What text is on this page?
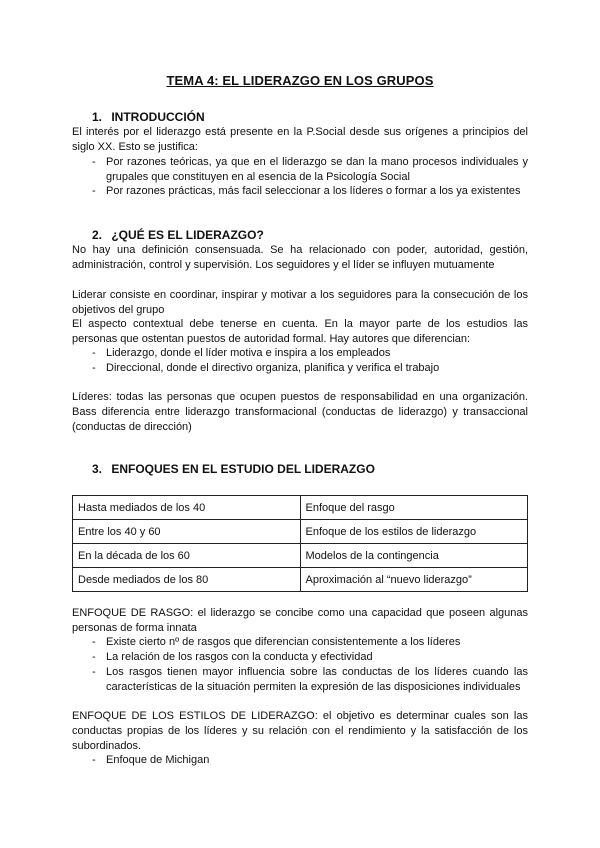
TEMA 4: EL LIDERAZGO EN LOS GRUPOS
1. INTRODUCCIÓN
El interés por el liderazgo está presente en la P.Social desde sus orígenes a principios del siglo XX. Esto se justifica:
- Por razones teóricas, ya que en el liderazgo se dan la mano procesos individuales y grupales que constituyen en al esencia de la Psicología Social
- Por razones prácticas, más facil seleccionar a los líderes o formar a los ya existentes
2. ¿QUÉ ES EL LIDERAZGO?
No hay una definición consensuada. Se ha relacionado con poder, autoridad, gestión, administración, control y supervisión. Los seguidores y el líder se influyen mutuamente
Liderar consiste en coordinar, inspirar y motivar a los seguidores para la consecución de los objetivos del grupo
El aspecto contextual debe tenerse en cuenta. En la mayor parte de los estudios las personas que ostentan puestos de autoridad formal. Hay autores que diferencian:
- Liderazgo, donde el líder motiva e inspira a los empleados
- Direccional, donde el directivo organiza, planifica y verifica el trabajo
Líderes: todas las personas que ocupen puestos de responsabilidad en una organización. Bass diferencia entre liderazgo transformacional (conductas de liderazgo) y transaccional (conductas de dirección)
3. ENFOQUES EN EL ESTUDIO DEL LIDERAZGO
Hasta mediados de los 40	Enfoque del rasgo
Entre los 40 y 60	Enfoque de los estilos de liderazgo
En la década de los 60	Modelos de la contingencia
Desde mediados de los 80	Aproximación al “nuevo liderazgo”
ENFOQUE DE RASGO: el liderazgo se concibe como una capacidad que poseen algunas personas de forma innata
- Existe cierto nº de rasgos que diferencian consistentemente a los líderes
- La relación de los rasgos con la conducta y efectividad
- Los rasgos tienen mayor influencia sobre las conductas de los líderes cuando las características de la situación permiten la expresión de las disposiciones individuales
ENFOQUE DE LOS ESTILOS DE LIDERAZGO: el objetivo es determinar cuales son las conductas propias de los líderes y su relación con el rendimiento y la satisfacción de los subordinados.
- Enfoque de Michigan
